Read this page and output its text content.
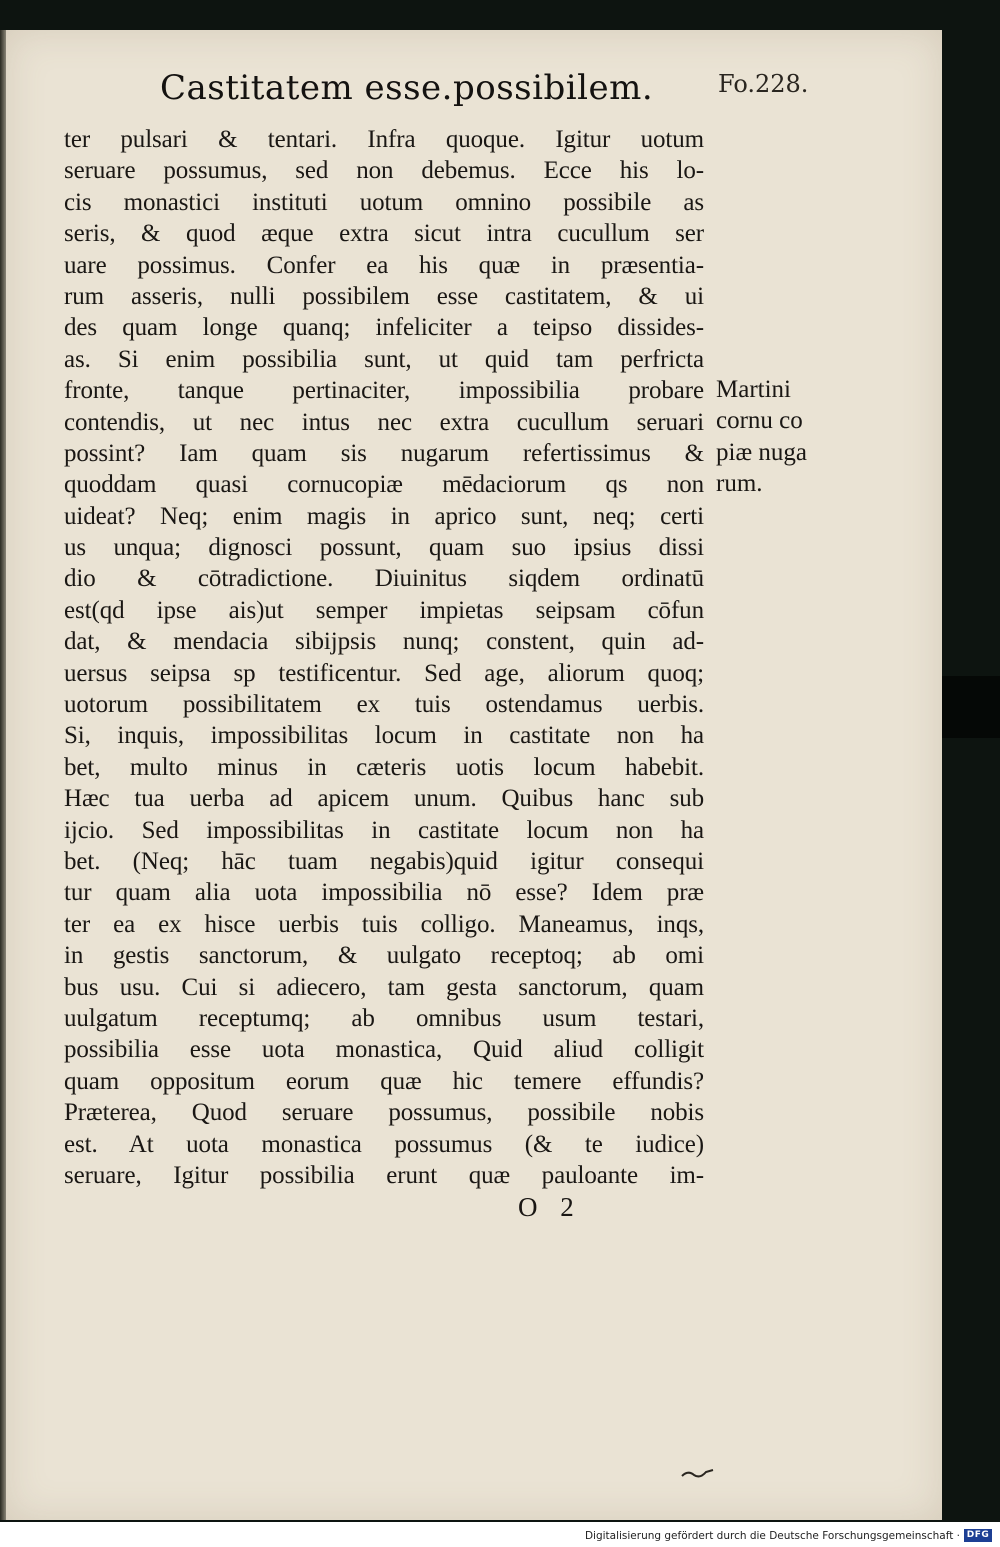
Castitatem esse.possibilem.	Fo.228.
ter pulsari & tentari. Infra quoque. Igitur uotum
seruare possumus, sed non debemus. Ecce his lo-
cis monastici instituti uotum omnino possibile as
seris, & quod æque extra sicut intra cucullum ser
uare possimus. Confer ea his quæ in præsentia-
rum asseris, nulli possibilem esse castitatem, & ui
des quam longe quanq; infeliciter a teipso dissides-
as. Si enim possibilia sunt, ut quid tam perfricta
fronte, tanque pertinaciter, impossibilia probare
contendis, ut nec intus nec extra cucullum seruari
possint? Iam quam sis nugarum refertissimus &
quoddam quasi cornucopiæ mēdaciorum qs non
uideat? Neq; enim magis in aprico sunt, neq; certi
us unqua; dignosci possunt, quam suo ipsius dissi
dio & cōtradictione. Diuinitus siqdem ordinatū
est(qd ipse ais)ut semper impietas seipsam cōfun
dat, & mendacia sibijpsis nunq; constent, quin ad-
uersus seipsa sp testificentur. Sed age, aliorum quoq;
uotorum possibilitatem ex tuis ostendamus uerbis.
Si, inquis, impossibilitas locum in castitate non ha
bet, multo minus in cæteris uotis locum habebit.
Hæc tua uerba ad apicem unum. Quibus hanc sub
ijcio. Sed impossibilitas in castitate locum non ha
bet. (Neq; hāc tuam negabis)quid igitur consequi
tur quam alia uota impossibilia nō esse? Idem præ
ter ea ex hisce uerbis tuis colligo. Maneamus, inqs,
in gestis sanctorum, & uulgato receptoq; ab omi
bus usu. Cui si adiecero, tam gesta sanctorum, quam
uulgatum receptumq; ab omnibus usum testari,
possibilia esse uota monastica, Quid aliud colligit
quam oppositum eorum quæ hic temere effundis?
Præterea, Quod seruare possumus, possibile nobis
est. At uota monastica possumus (& te iudice)
seruare, Igitur possibilia erunt quæ pauloante im-
Martini
cornu co
piæ nuga
rum.
O 2
Digitalisierung gefördert durch die Deutsche Forschungsgemeinschaft · DFG
